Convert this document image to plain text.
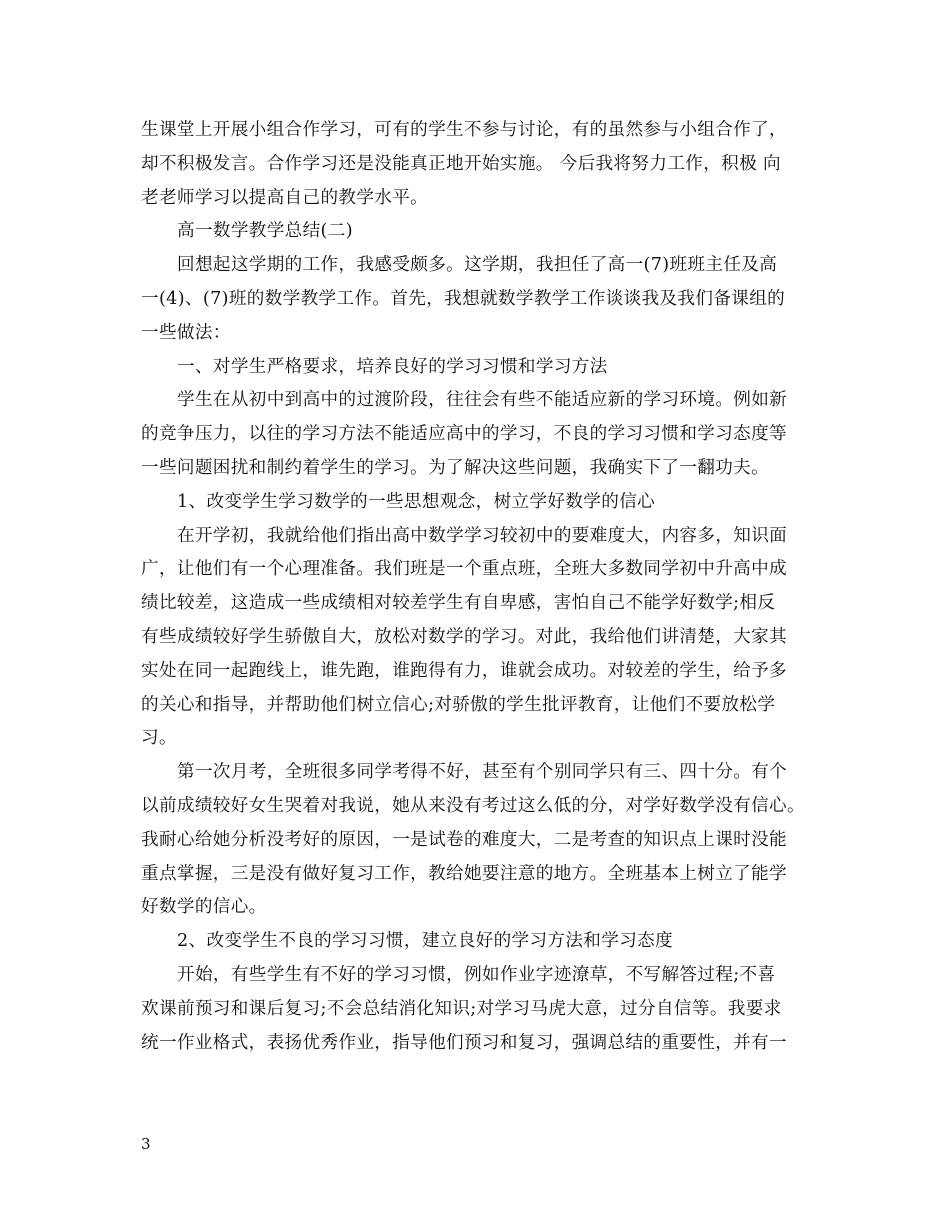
生课堂上开展小组合作学习，可有的学生不参与讨论，有的虽然参与小组合作了，
却不积极发言。合作学习还是没能真正地开始实施。 今后我将努力工作，积极 向
老老师学习以提高自己的教学水平。
高一数学教学总结(二)
回想起这学期的工作，我感受颇多。这学期，我担任了高一(7)班班主任及高
一(4)、(7)班的数学教学工作。首先，我想就数学教学工作谈谈我及我们备课组的
一些做法：
一、对学生严格要求，培养良好的学习习惯和学习方法
学生在从初中到高中的过渡阶段，往往会有些不能适应新的学习环境。例如新
的竞争压力，以往的学习方法不能适应高中的学习，不良的学习习惯和学习态度等
一些问题困扰和制约着学生的学习。为了解决这些问题，我确实下了一翻功夫。
1、改变学生学习数学的一些思想观念，树立学好数学的信心
在开学初，我就给他们指出高中数学学习较初中的要难度大，内容多，知识面
广，让他们有一个心理准备。我们班是一个重点班，全班大多数同学初中升高中成
绩比较差，这造成一些成绩相对较差学生有自卑感，害怕自己不能学好数学;相反
有些成绩较好学生骄傲自大，放松对数学的学习。对此，我给他们讲清楚，大家其
实处在同一起跑线上，谁先跑，谁跑得有力，谁就会成功。对较差的学生，给予多
的关心和指导，并帮助他们树立信心;对骄傲的学生批评教育，让他们不要放松学
习。
第一次月考，全班很多同学考得不好，甚至有个别同学只有三、四十分。有个
以前成绩较好女生哭着对我说，她从来没有考过这么低的分，对学好数学没有信心。
我耐心给她分析没考好的原因，一是试卷的难度大，二是考查的知识点上课时没能
重点掌握，三是没有做好复习工作，教给她要注意的地方。全班基本上树立了能学
好数学的信心。
2、改变学生不良的学习习惯，建立良好的学习方法和学习态度
开始，有些学生有不好的学习习惯，例如作业字迹潦草，不写解答过程;不喜
欢课前预习和课后复习;不会总结消化知识;对学习马虎大意，过分自信等。我要求
统一作业格式，表扬优秀作业，指导他们预习和复习，强调总结的重要性，并有一
3
